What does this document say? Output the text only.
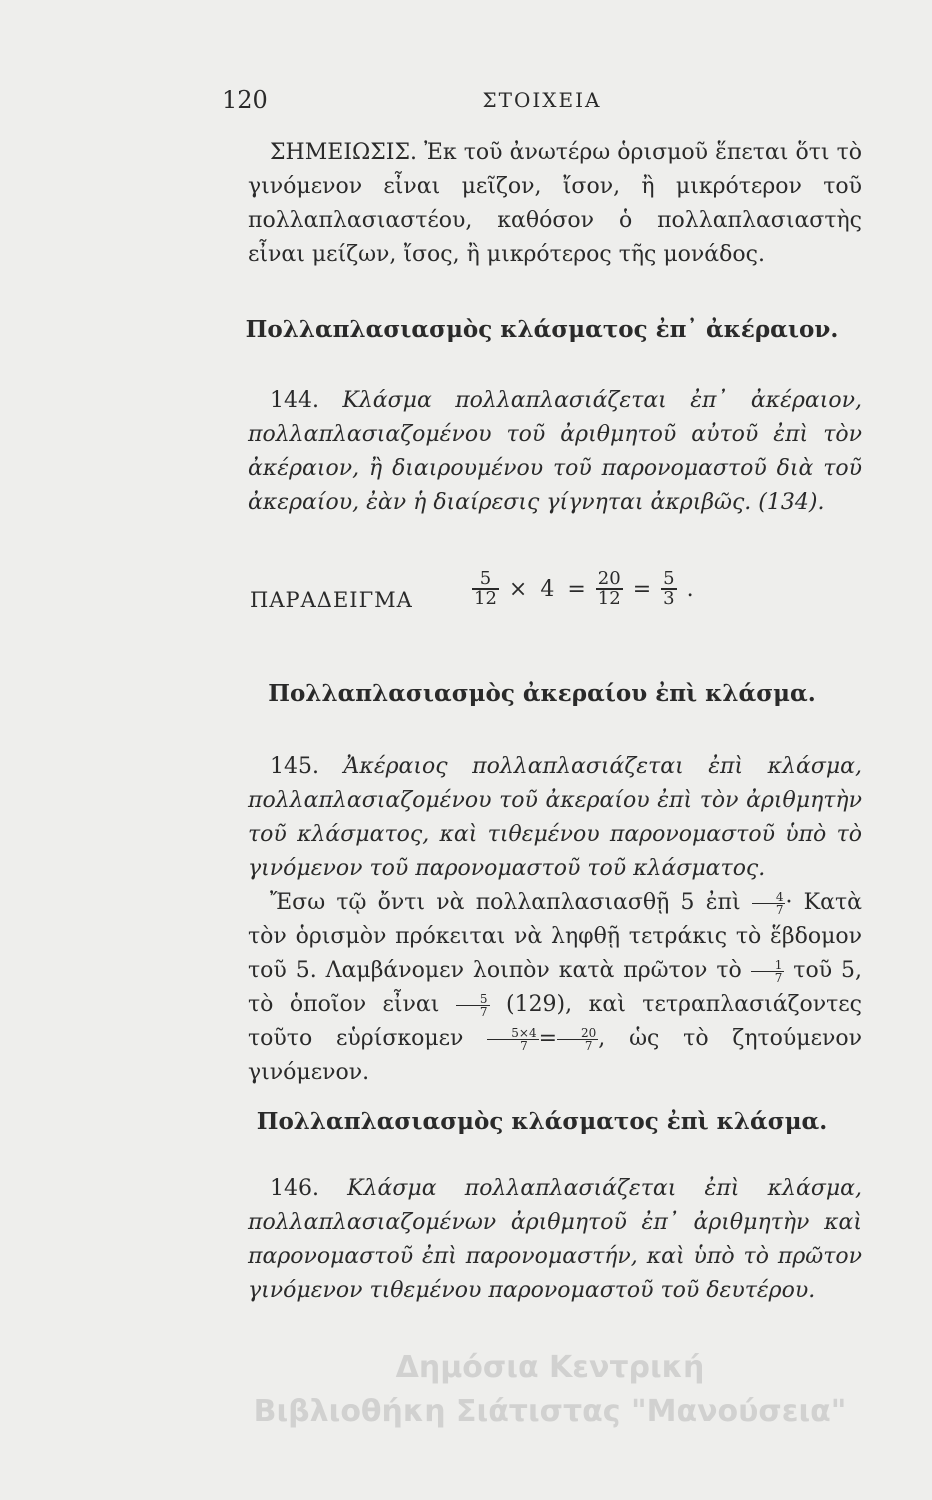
120	ΣΤΟΙΧΕΙΑ

ΣΗΜΕΙΩΣΙΣ. Ἐκ τοῦ ἀνωτέρω ὁρισμοῦ ἕπεται ὅτι τὸ γινόμενον εἶναι μεῖζον, ἴσον, ἢ μικρότερον τοῦ πολλαπλασιαστέου, καθόσον ὁ πολλαπλασιαστὴς εἶναι μείζων, ἴσος, ἢ μικρότερος τῆς μονάδος.

Πολλαπλασιασμὸς κλάσματος ἐπ᾽ ἀκέραιον.

144. Κλάσμα πολλαπλασιάζεται ἐπ᾽ ἀκέραιον, πολλαπλασιαζομένου τοῦ ἀριθμητοῦ αὐτοῦ ἐπὶ τὸν ἀκέραιον, ἢ διαιρουμένου τοῦ παρονομαστοῦ διὰ τοῦ ἀκεραίου, ἐὰν ἡ διαίρεσις γίγνηται ἀκριβῶς. (134).

ΠΑΡΑΔΕΙΓΜΑ	$\frac{5}{12} \times 4 = \frac{20}{12} = \frac{5}{3}$ .
Πολλαπλασιασμὸς ἀκεραίου ἐπὶ κλάσμα.

145. Ἀκέραιος πολλαπλασιάζεται ἐπὶ κλάσμα, πολλαπλασιαζομένου τοῦ ἀκεραίου ἐπὶ τὸν ἀριθμητὴν τοῦ κλάσματος, καὶ τιθεμένου παρονομαστοῦ ὑπὸ τὸ γινόμενον τοῦ παρονομαστοῦ τοῦ κλάσματος.

Ἔσω τῷ ὄντι νὰ πολλαπλασιασθῇ 5 ἐπὶ $\frac{4}{7}$ · Κατὰ τὸν ὁρισμὸν πρόκειται νὰ ληφθῇ τετράκις τὸ ἕβδομον τοῦ 5. Λαμβάνομεν λοιπὸν κατὰ πρῶτον τὸ $\frac{1}{7}$ τοῦ 5, τὸ ὁποῖον εἶναι $\frac{5}{7} (129)$, καὶ τετραπλασιάζοντες τοῦτο εὑρίσκομεν $\frac{5\times 4}{7} = \frac{20}{7}$ , ὡς τὸ ζητούμενον γινόμενον.

Πολλαπλασιασμὸς κλάσματος ἐπὶ κλάσμα.

146. Κλάσμα πολλαπλασιάζεται ἐπὶ κλάσμα, πολλαπλασιαζομένων ἀριθμητοῦ ἐπ᾽ ἀριθμητὴν καὶ παρονομαστοῦ ἐπὶ παρονομαστήν, καὶ ὑπὸ τὸ πρῶτον γινόμενον τιθεμένου παρονομαστοῦ τοῦ δευτέρου.

Δημόσια Κεντρική
Βιβλιοθήκη Σιάτιστας "Μανούσεια"
